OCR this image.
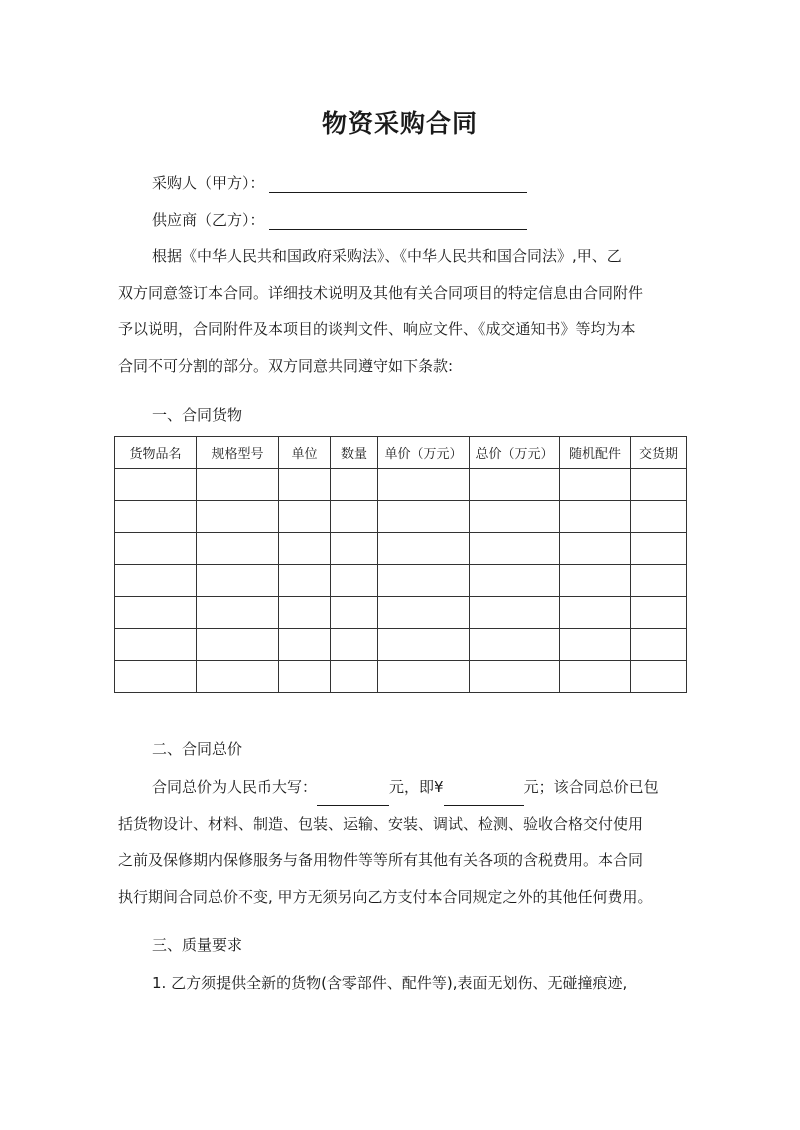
物资采购合同
采购人（甲方）：
供应商（乙方）：
根据《中华人民共和国政府采购法》、《中华人民共和国合同法》,甲、乙
双方同意签订本合同。详细技术说明及其他有关合同项目的特定信息由合同附件
予以说明，合同附件及本项目的谈判文件、响应文件、《成交通知书》等均为本
合同不可分割的部分。双方同意共同遵守如下条款:
一、合同货物
货物品名	规格型号	单位	数量	单价（万元）	总价（万元）	随机配件	交货期

二、合同总价
合同总价为人民币大写：	元，即¥	元；该合同总价已包
括货物设计、材料、制造、包装、运输、安装、调试、检测、验收合格交付使用
之前及保修期内保修服务与备用物件等等所有其他有关各项的含税费用。本合同
执行期间合同总价不变, 甲方无须另向乙方支付本合同规定之外的其他任何费用。
三、质量要求
1. 乙方须提供全新的货物(含零部件、配件等),表面无划伤、无碰撞痕迹,
